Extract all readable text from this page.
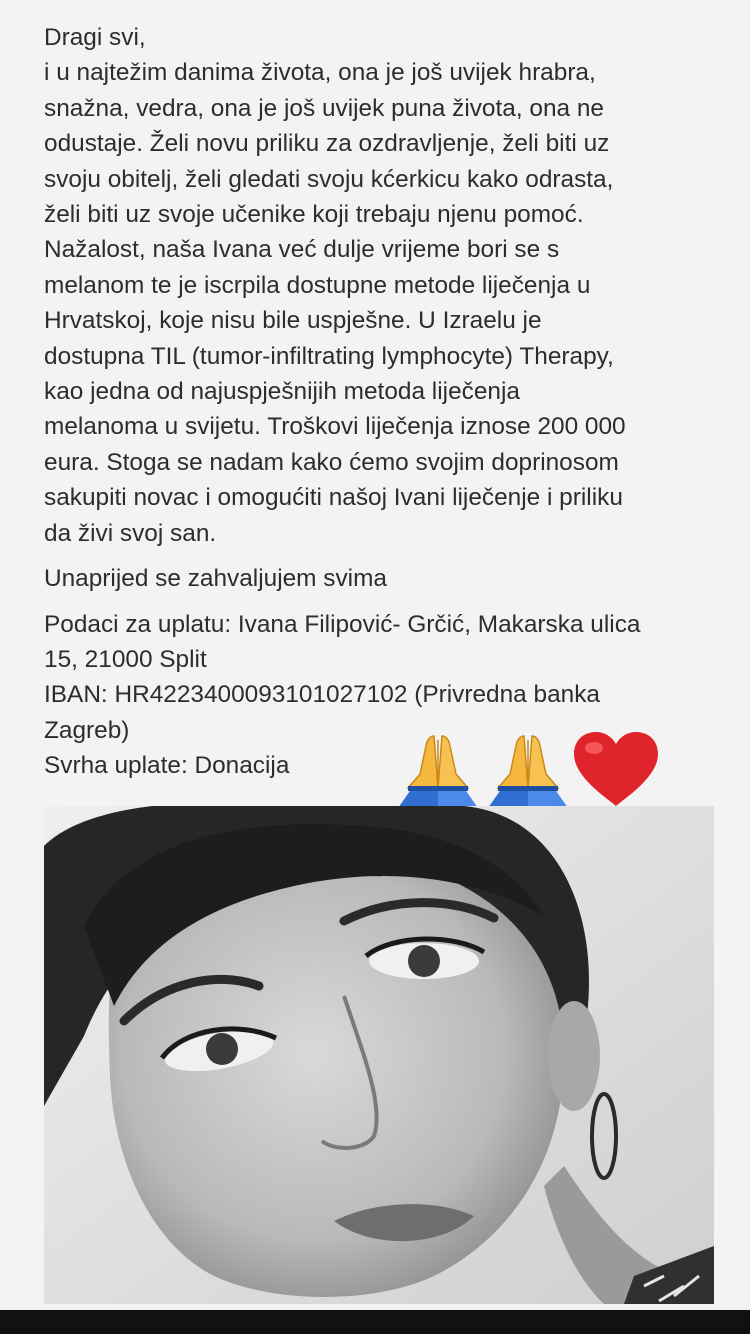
Dragi svi,
i u najtežim danima života, ona je još uvijek hrabra,
snažna, vedra, ona je još uvijek puna života, ona ne
odustaje. Želi novu priliku za ozdravljenje, želi biti uz
svoju obitelj, želi gledati svoju kćerkicu kako odrasta,
želi biti uz svoje učenike koji trebaju njenu pomoć.
Nažalost, naša Ivana već dulje vrijeme bori se s
melanom te je iscrpila dostupne metode liječenja u
Hrvatskoj, koje nisu bile uspješne. U Izraelu je
dostupna TIL (tumor-infiltrating lymphocyte) Therapy,
kao jedna od najuspješnijih metoda liječenja
melanoma u svijetu. Troškovi liječenja iznose 200 000
eura. Stoga se nadam kako ćemo svojim doprinosom
sakupiti novac i omogućiti našoj Ivani liječenje i priliku
da živi svoj san.
Unaprijed se zahvaljujem svima
Podaci za uplatu: Ivana Filipović- Grčić, Makarska ulica
15, 21000 Split
IBAN: HR4223400093101027102 (Privredna banka
Zagreb)
Svrha uplate: Donacija
